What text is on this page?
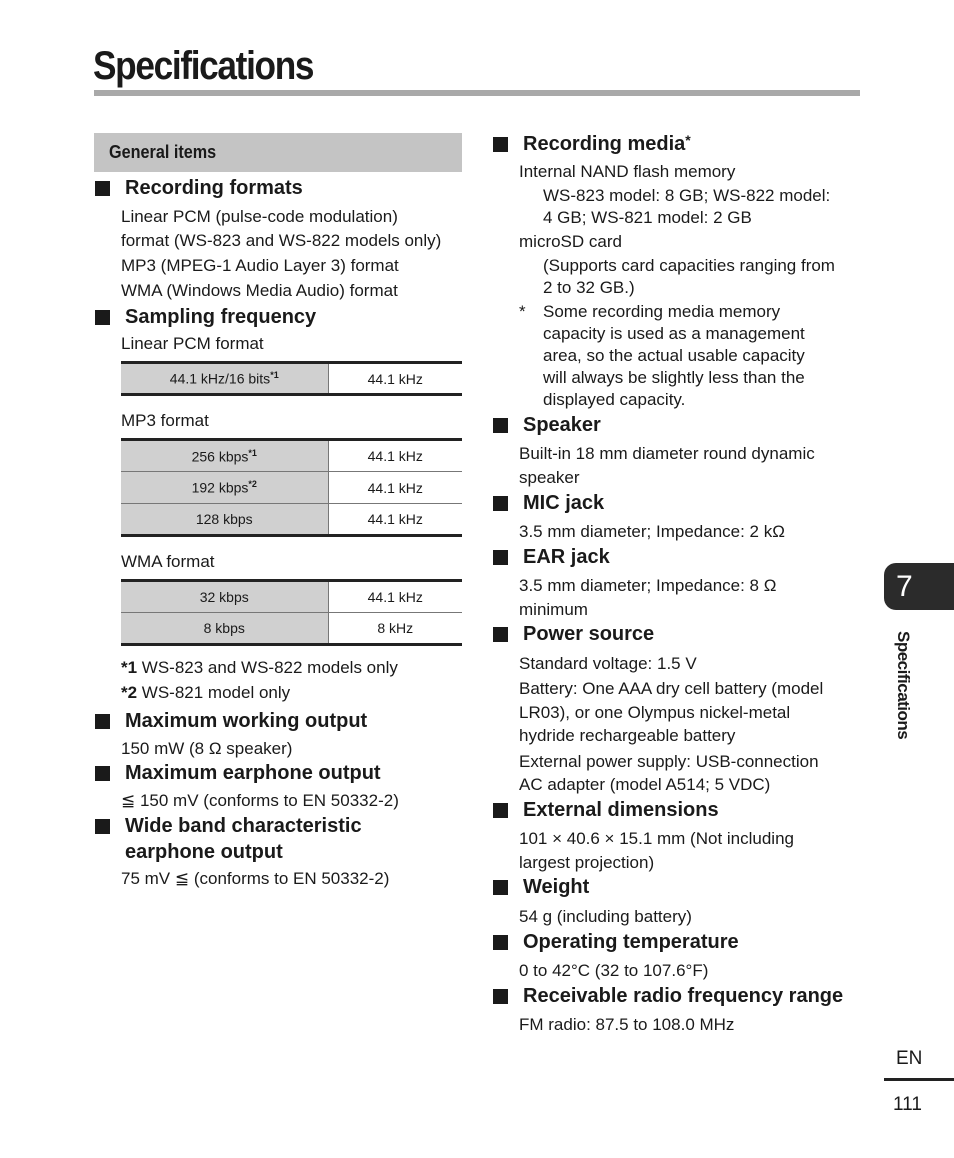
Specifications
General items
Recording formats
Linear PCM (pulse-code modulation)
format (WS-823 and WS-822 models only)
MP3 (MPEG-1 Audio Layer 3) format
WMA (Windows Media Audio) format
Sampling frequency
Linear PCM format
44.1 kHz/16 bits$^{*1}$	44.1 kHz
MP3 format
256 kbps$^{*1}$	44.1 kHz
192 kbps$^{*2}$	44.1 kHz
128 kbps	44.1 kHz
WMA format
32 kbps	44.1 kHz
8 kbps	8 kHz
*1 WS-823 and WS-822 models only
*2 WS-821 model only
Maximum working output
150 mW (8 Ω speaker)
Maximum earphone output
≦ 150 mV (conforms to EN 50332-2)
Wide band characteristic
earphone output
75 mV ≦ (conforms to EN 50332-2)
Recording media*
Internal NAND flash memory
WS-823 model: 8 GB; WS-822 model:
4 GB; WS-821 model: 2 GB
microSD card
(Supports card capacities ranging from
2 to 32 GB.)
* Some recording media memory
capacity is used as a management
area, so the actual usable capacity
will always be slightly less than the
displayed capacity.
Speaker
Built-in 18 mm diameter round dynamic
speaker
MIC jack
3.5 mm diameter; Impedance: 2 kΩ
EAR jack
3.5 mm diameter; Impedance: 8 Ω
minimum
Power source
Standard voltage: 1.5 V
Battery: One AAA dry cell battery (model
LR03), or one Olympus nickel-metal
hydride rechargeable battery
External power supply: USB-connection
AC adapter (model A514; 5 VDC)
External dimensions
101 × 40.6 × 15.1 mm (Not including
largest projection)
Weight
54 g (including battery)
Operating temperature
0 to 42°C (32 to 107.6°F)
Receivable radio frequency range
FM radio: 87.5 to 108.0 MHz
7
Specifications
EN
111
